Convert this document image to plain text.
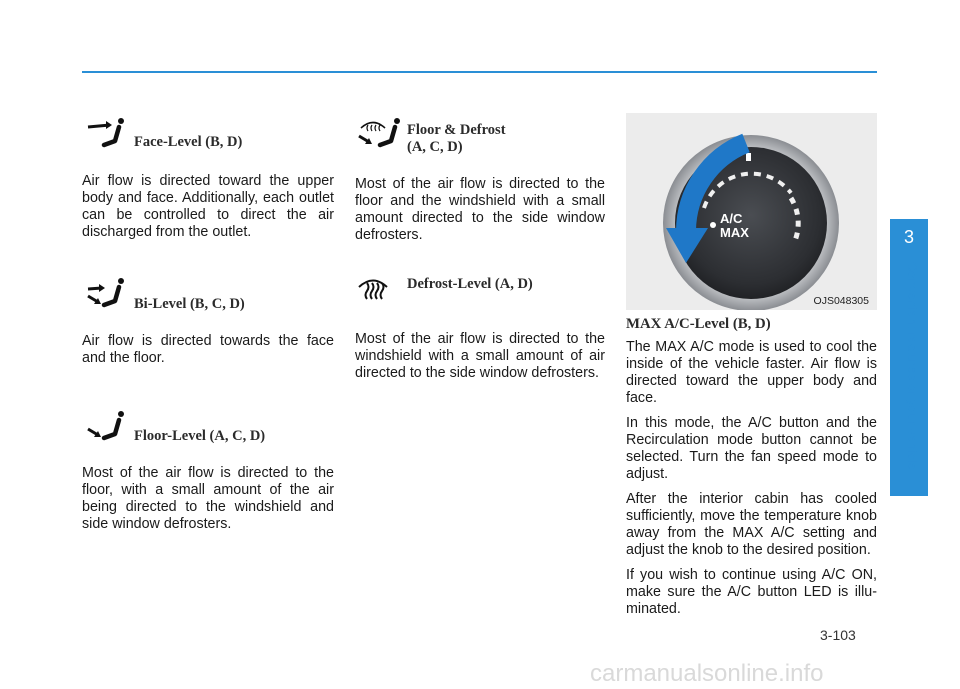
Face-Level (B, D)

Air flow is directed toward the upper body and face. Additionally, each outlet can be controlled to direct the air discharged from the outlet.

Bi-Level (B, C, D)

Air flow is directed towards the face and the floor.

Floor-Level (A, C, D)

Most of the air flow is directed to the floor, with a small amount of the air being directed to the windshield and side window defrosters.

Floor & Defrost
(A, C, D)

Most of the air flow is directed to the floor and the windshield with a small amount directed to the side window defrosters.

Defrost-Level (A, D)

Most of the air flow is directed to the windshield with a small amount of air directed to the side window defrosters.

A/C
MAX
OJS048305
MAX A/C-Level (B, D)

The MAX A/C mode is used to cool the inside of the vehicle faster. Air flow is directed toward the upper body and face.

In this mode, the A/C button and the Recirculation mode button cannot be selected. Turn the fan speed mode to adjust.

After the interior cabin has cooled sufficiently, move the temperature knob away from the MAX A/C setting and adjust the knob to the desired position.

If you wish to continue using A/C ON, make sure the A/C button LED is illu-minated.

3
Convenient features of your vehicle
3-103
carmanualsonline.info
